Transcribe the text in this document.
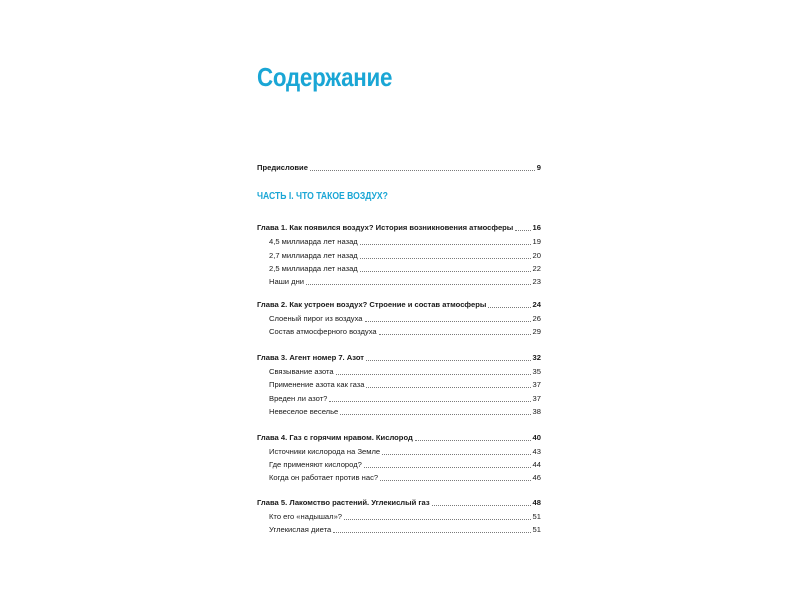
Содержание
Предисловие	9
ЧАСТЬ I. ЧТО ТАКОЕ ВОЗДУХ?
Глава 1. Как появился воздух? История возникновения атмосферы	16
4,5 миллиарда лет назад	19
2,7 миллиарда лет назад	20
2,5 миллиарда лет назад	22
Наши дни	23
Глава 2. Как устроен воздух? Строение и состав атмосферы	24
Слоеный пирог из воздуха	26
Состав атмосферного воздуха	29
Глава 3. Агент номер 7. Азот	32
Связывание азота	35
Применение азота как газа	37
Вреден ли азот?	37
Невеселое веселье	38
Глава 4. Газ с горячим нравом. Кислород	40
Источники кислорода на Земле	43
Где применяют кислород?	44
Когда он работает против нас?	46
Глава 5. Лакомство растений. Углекислый газ	48
Кто его «надышал»?	51
Углекислая диета	51
